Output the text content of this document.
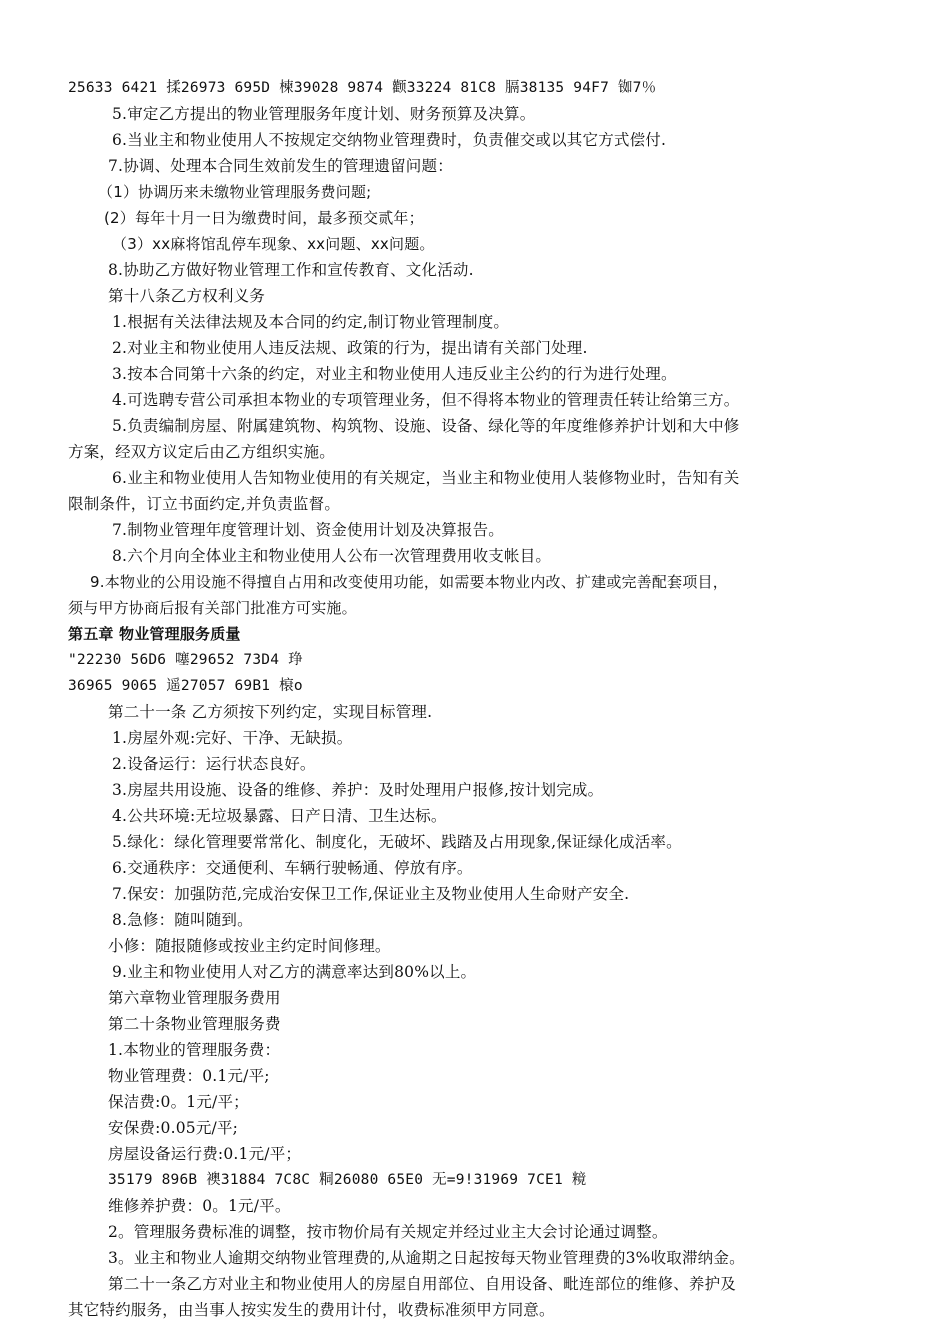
25633 6421 揉26973 695D 楝39028 9874 颧33224 81C8 膈38135 94F7 铷7％
5.审定乙方提出的物业管理服务年度计划、财务预算及决算。
6.当业主和物业使用人不按规定交纳物业管理费时，负责催交或以其它方式偿付.
7.协调、处理本合同生效前发生的管理遗留问题：
（1）协调历来未缴物业管理服务费问题;
(2）每年十月一日为缴费时间，最多预交贰年；
（3）xx麻将馆乱停车现象、xx问题、xx问题。
8.协助乙方做好物业管理工作和宣传教育、文化活动.
第十八条乙方权利义务
1.根据有关法律法规及本合同的约定,制订物业管理制度。
2.对业主和物业使用人违反法规、政策的行为，提出请有关部门处理.
3.按本合同第十六条的约定，对业主和物业使用人违反业主公约的行为进行处理。
4.可选聘专营公司承担本物业的专项管理业务，但不得将本物业的管理责任转让给第三方。
5.负责编制房屋、附属建筑物、构筑物、设施、设备、绿化等的年度维修养护计划和大中修
方案，经双方议定后由乙方组织实施。
6.业主和物业使用人告知物业使用的有关规定，当业主和物业使用人装修物业时，告知有关
限制条件，订立书面约定,并负责监督。
7.制物业管理年度管理计划、资金使用计划及决算报告。
8.六个月向全体业主和物业使用人公布一次管理费用收支帐目。
9.本物业的公用设施不得擅自占用和改变使用功能，如需要本物业内改、扩建或完善配套项目，
须与甲方协商后报有关部门批准方可实施。
第五章 物业管理服务质量
"22230 56D6 噻29652 73D4 琤
36965 9065 遥27057 69B1 榱o
第二十一条 乙方须按下列约定，实现目标管理.
1.房屋外观:完好、干净、无缺损。
2.设备运行：运行状态良好。
3.房屋共用设施、设备的维修、养护：及时处理用户报修,按计划完成。
4.公共环境:无垃圾暴露、日产日清、卫生达标。
5.绿化：绿化管理要常常化、制度化，无破坏、践踏及占用现象,保证绿化成活率。
6.交通秩序：交通便利、车辆行驶畅通、停放有序。
7.保安：加强防范,完成治安保卫工作,保证业主及物业使用人生命财产安全.
8.急修：随叫随到。
小修：随报随修或按业主约定时间修理。
9.业主和物业使用人对乙方的满意率达到80%以上。
第六章物业管理服务费用
第二十条物业管理服务费
1.本物业的管理服务费：
物业管理费：0.1元/平;
保洁费:0。1元/平；
安保费:0.05元/平;
房屋设备运行费:0.1元/平；
35179 896B 襖31884 7C8C 粡26080 65E0 无=9!31969 7CE1 糡
维修养护费：0。1元/平。
2。管理服务费标准的调整，按市物价局有关规定并经过业主大会讨论通过调整。
3。业主和物业人逾期交纳物业管理费的,从逾期之日起按每天物业管理费的3%收取滞纳金。
第二十一条乙方对业主和物业使用人的房屋自用部位、自用设备、毗连部位的维修、养护及
其它特约服务，由当事人按实发生的费用计付，收费标准须甲方同意。
